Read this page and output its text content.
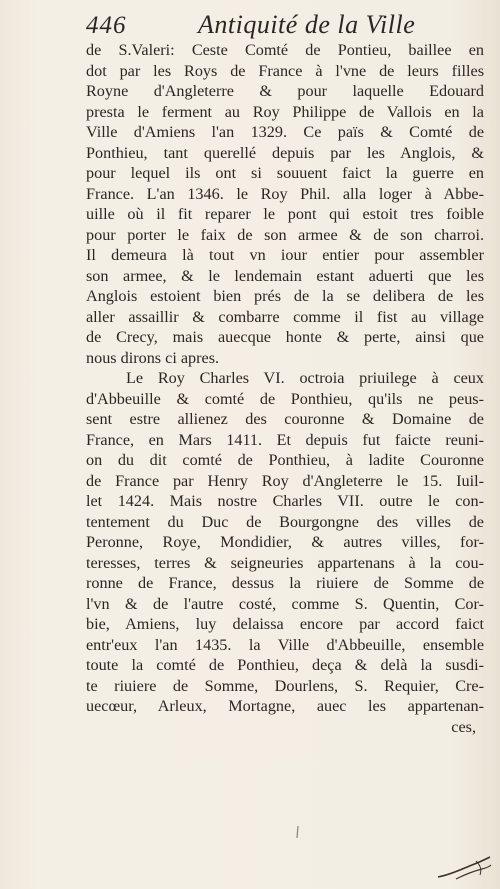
446	Antiquité de la Ville
de S.Valeri: Ceste Comté de Pontieu, baillee en
dot par les Roys de France à l'vne de leurs filles
Royne d'Angleterre & pour laquelle Edouard
presta le ferment au Roy Philippe de Vallois en la
Ville d'Amiens l'an 1329. Ce païs & Comté de
Ponthieu, tant querellé depuis par les Anglois, &
pour lequel ils ont si souuent faict la guerre en
France. L'an 1346. le Roy Phil. alla loger à Abbe-
uille où il fit reparer le pont qui estoit tres foible
pour porter le faix de son armee & de son charroi.
Il demeura là tout vn iour entier pour assembler
son armee, & le lendemain estant aduerti que les
Anglois estoient bien prés de la se delibera de les
aller assaillir & combarre comme il fist au village
de Crecy, mais auecque honte & perte, ainsi que
nous dirons ci apres.
Le Roy Charles VI. octroia priuilege à ceux
d'Abbeuille & comté de Ponthieu, qu'ils ne peus-
sent estre allienez des couronne & Domaine de
France, en Mars 1411. Et depuis fut faicte reuni-
on du dit comté de Ponthieu, à ladite Couronne
de France par Henry Roy d'Angleterre le 15. Iuil-
let 1424. Mais nostre Charles VII. outre le con-
tentement du Duc de Bourgongne des villes de
Peronne, Roye, Mondidier, & autres villes, for-
teresses, terres & seigneuries appartenans à la cou-
ronne de France, dessus la riuiere de Somme de
l'vn & de l'autre costé, comme S. Quentin, Cor-
bie, Amiens, luy delaissa encore par accord faict
entr'eux l'an 1435. la Ville d'Abbeuille, ensemble
toute la comté de Ponthieu, deça & delà la susdi-
te riuiere de Somme, Dourlens, S. Requier, Cre-
uecœur, Arleux, Mortagne, auec les appartenan-
ces,
